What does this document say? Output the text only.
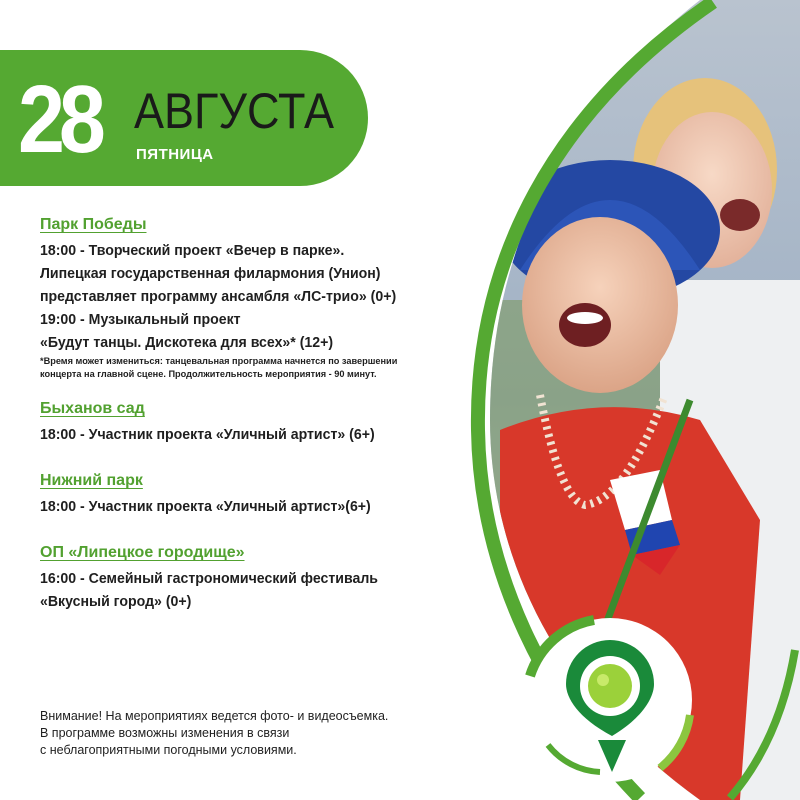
28 АВГУСТА
ПЯТНИЦА
Парк Победы
18:00 - Творческий проект «Вечер в парке».
Липецкая государственная филармония (Унион)
представляет программу ансамбля «ЛС-трио» (0+)
19:00 - Музыкальный проект
«Будут танцы. Дискотека для всех»* (12+)
*Время может измениться: танцевальная программа начнется по завершении
концерта на главной сцене. Продолжительность мероприятия - 90 минут.
Быханов сад
18:00 - Участник проекта «Уличный артист» (6+)
Нижний парк
18:00 - Участник проекта «Уличный артист»(6+)
ОП «Липецкое городище»
16:00 - Семейный гастрономический фестиваль
«Вкусный город» (0+)
Внимание! На мероприятиях ведется фото- и видеосъемка.
В программе возможны изменения в связи
с неблагоприятными погодными условиями.
